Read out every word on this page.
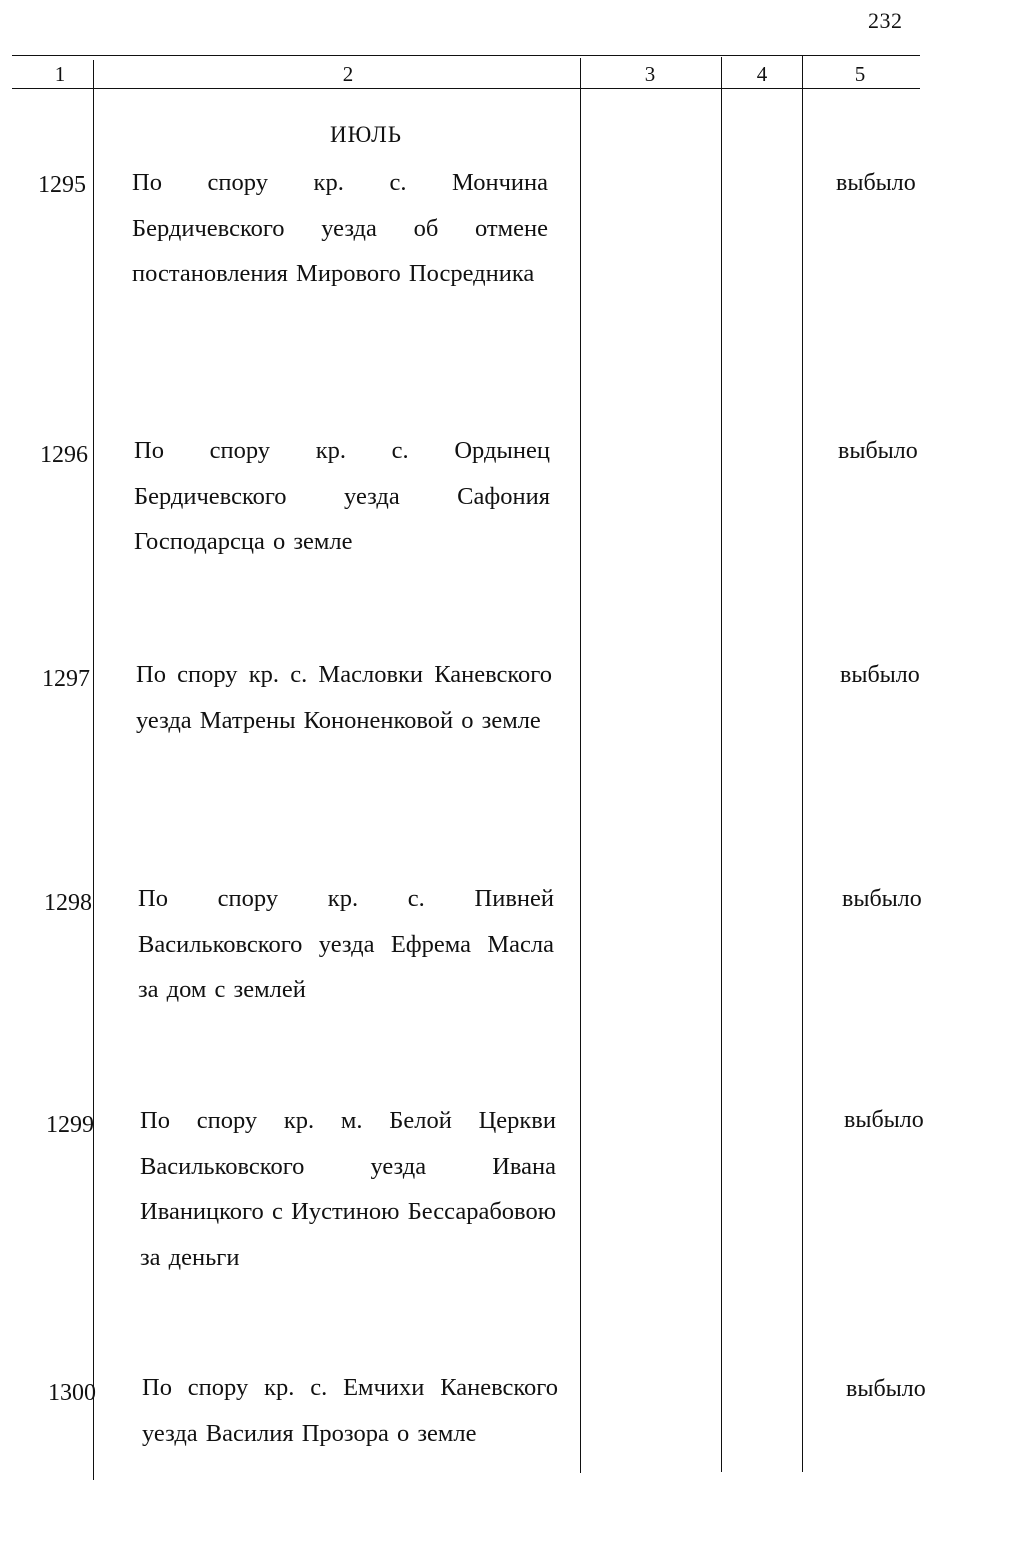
232
1	2	3	4	5
ИЮЛЬ
1295 По спору кр. с. Мончина Бердичевского уезда об отмене постановления Мирового Посредника

выбыло
1296 По спору кр. с. Ордынец Бердичевского уезда Сафония Господарсца о земле

выбыло
1297 По спору кр. с. Масловки Каневского уезда Матрены Кононенковой о земле

выбыло
1298 По спору кр. с. Пивней Васильковского уезда Ефрема Масла за дом с землей

выбыло
1299 По спору кр. м. Белой Церкви Васильковского уезда Ивана Иваницкого с Иустиною Бессарабовою за деньги

выбыло
1300 По спору кр. с. Емчихи Каневского уезда Василия Прозора о земле

выбыло
